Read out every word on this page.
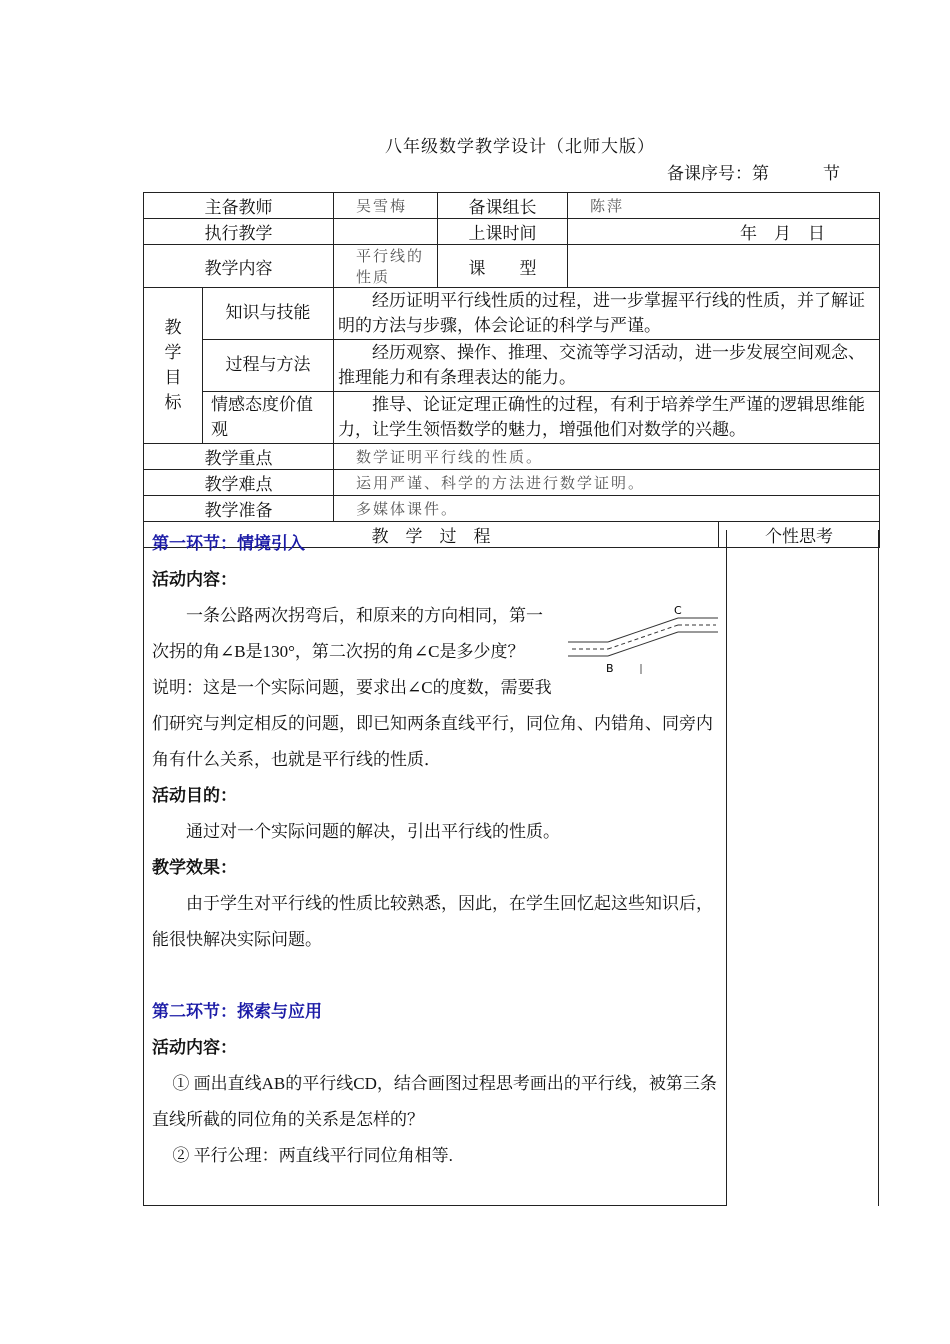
八年级数学教学设计（北师大版）
备课序号：第	节
主备教师		吴雪梅	备课组长	陈萍	
执行教学			上课时间	年　月　日	
教学内容		平行线的性质	课　　型		
教
学
目
标	知识与技能	经历证明平行线性质的过程，进一步掌握平行线的性质，并了解证明的方法与步骤，体会论证的科学与严谨。			
	过程与方法	经历观察、操作、推理、交流等学习活动，进一步发展空间观念、推理能力和有条理表达的能力。			
	情感态度价值观	推导、论证定理正确性的过程，有利于培养学生严谨的逻辑思维能力，让学生领悟数学的魅力，增强他们对数学的兴趣。			
教学重点		数学证明平行线的性质。			
教学难点		运用严谨、科学的方法进行数学证明。			
教学准备		多媒体课件。			
教　学　过　程					个性思考

第一环节：情境引入

活动内容：

B
C

一条公路两次拐弯后，和原来的方向相同，第一次拐的角∠B是130°，第二次拐的角∠C是多少度？

说明：这是一个实际问题，要求出∠C的度数，需要我们研究与判定相反的问题，即已知两条直线平行，同位角、内错角、同旁内角有什么关系，也就是平行线的性质．

活动目的：

通过对一个实际问题的解决，引出平行线的性质。

教学效果：

由于学生对平行线的性质比较熟悉，因此，在学生回忆起这些知识后，能很快解决实际问题。

第二环节：探索与应用

活动内容：

① 画出直线AB的平行线CD，结合画图过程思考画出的平行线，被第三条直线所截的同位角的关系是怎样的？

② 平行公理：两直线平行同位角相等.
